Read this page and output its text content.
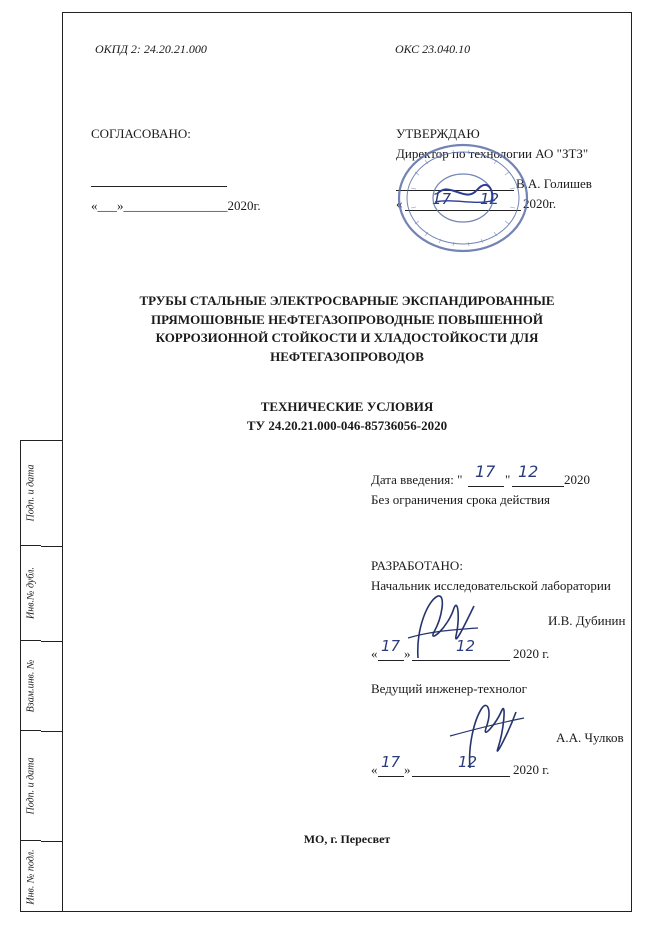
Подп. и дата
Инв.№ дубл.
Взам.инв. №
Подп. и дата
Инв. № подл.
ОКПД 2: 24.20.21.000	ОКС 23.040.10
СОГЛАСОВАНО:
«___»________________2020г.
УТВЕРЖДАЮ
Директор по технологии АО "ЗТЗ"
В.А. Голишев
«	2020г.
17 12
ТРУБЫ СТАЛЬНЫЕ ЭЛЕКТРОСВАРНЫЕ ЭКСПАНДИРОВАННЫЕ
ПРЯМОШОВНЫЕ НЕФТЕГАЗОПРОВОДНЫЕ ПОВЫШЕННОЙ
КОРРОЗИОННОЙ СТОЙКОСТИ И ХЛАДОСТОЙКОСТИ ДЛЯ
НЕФТЕГАЗОПРОВОДОВ
ТЕХНИЧЕСКИЕ УСЛОВИЯ
ТУ 24.20.21.000-046-85736056-2020
Дата введения: " 17 " 12 2020
Без ограничения срока действия
РАЗРАБОТАНО:
Начальник исследовательской лаборатории
И.В. Дубинин
« 17 »	12	2020 г.
Ведущий инженер-технолог
А.А. Чулков
« 17 »	12	2020 г.
МО, г. Пересвет
